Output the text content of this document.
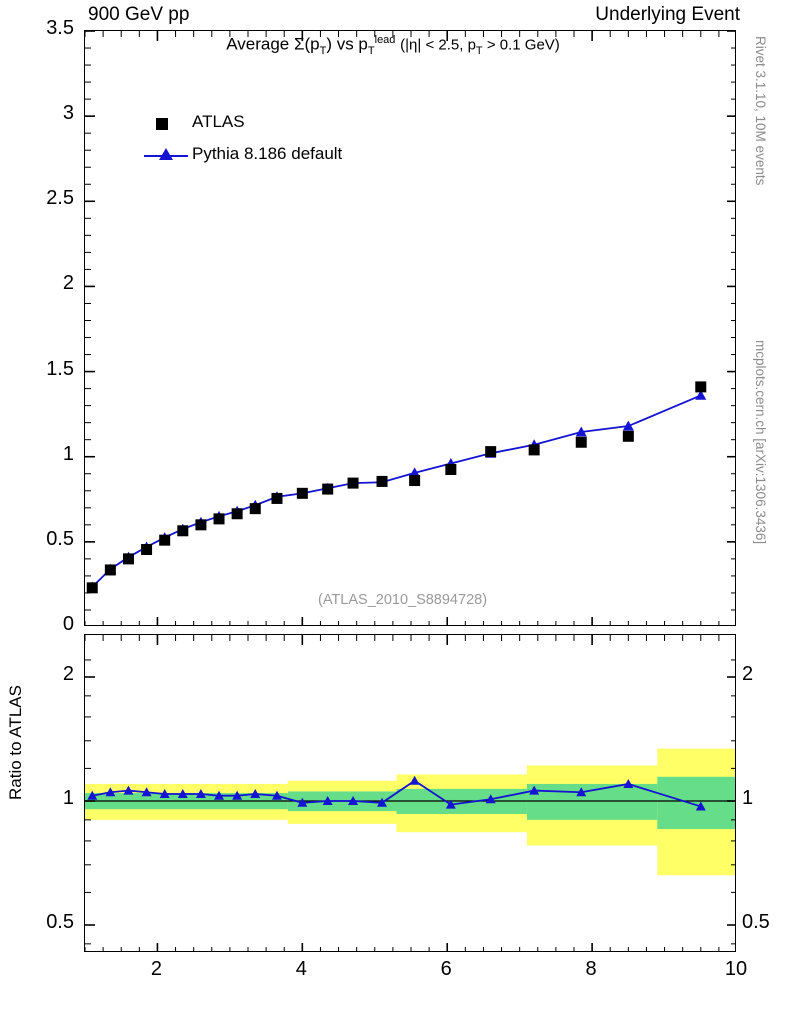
900 GeV pp	Underlying Event
Rivet 3.1.10, 10M events
mcplots.cern.ch [arXiv:1306.3436]
Average $\Sigma(p_T)$ vs $p_T^{lead}$ (|η| < 2.5, $p_T > 0.1$ GeV)
ATLAS
Pythia 8.186 default
(ATLAS_2010_S8894728)
Ratio to ATLAS
0
0.5
1
1.5
2
2.5
3
3.5
0.5	0.5
1	1
2	2
2	4	6	8	10
